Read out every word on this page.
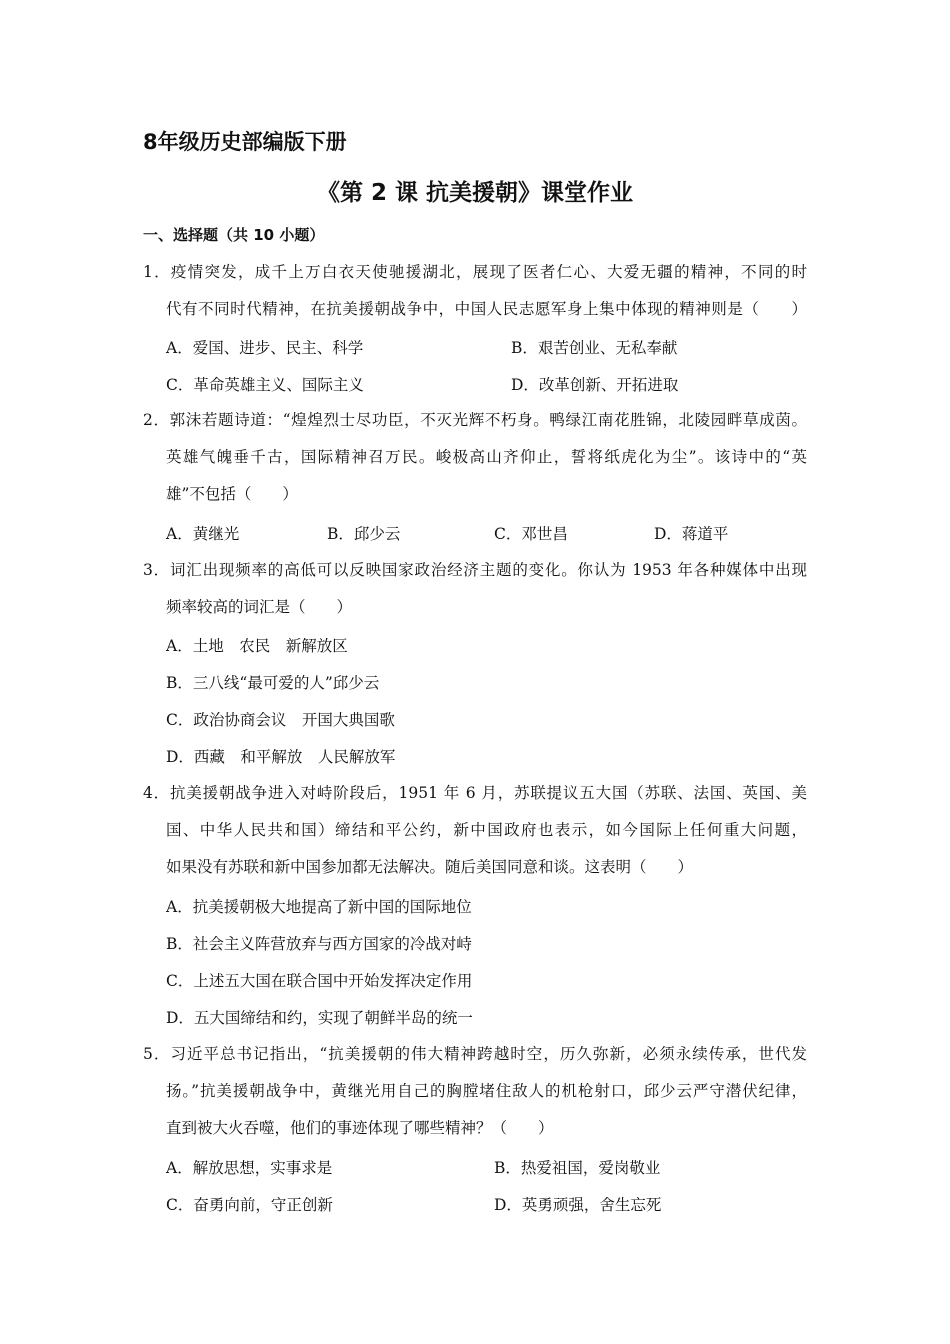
8年级历史部编版下册
《第 2 课 抗美援朝》课堂作业
一、选择题（共 10 小题）
1．疫情突发，成千上万白衣天使驰援湖北，展现了医者仁心、大爱无疆的精神，不同的时
代有不同时代精神，在抗美援朝战争中，中国人民志愿军身上集中体现的精神则是（　　）
A．爱国、进步、民主、科学	B．艰苦创业、无私奉献
C．革命英雄主义、国际主义	D．改革创新、开拓进取
2．郭沫若题诗道：“煌煌烈士尽功臣，不灭光辉不朽身。鸭绿江南花胜锦，北陵园畔草成茵。
英雄气魄垂千古，国际精神召万民。峻极高山齐仰止，誓将纸虎化为尘”。该诗中的“英
雄”不包括（　　）
A．黄继光	B．邱少云	C．邓世昌	D．蒋道平
3．词汇出现频率的高低可以反映国家政治经济主题的变化。你认为 1953 年各种媒体中出现
频率较高的词汇是（　　）
A．土地　农民　新解放区
B．三八线“最可爱的人”邱少云
C．政治协商会议　开国大典国歌
D．西藏　和平解放　人民解放军
4．抗美援朝战争进入对峙阶段后，1951 年 6 月，苏联提议五大国（苏联、法国、英国、美
国、中华人民共和国）缔结和平公约，新中国政府也表示，如今国际上任何重大问题，
如果没有苏联和新中国参加都无法解决。随后美国同意和谈。这表明（　　）
A．抗美援朝极大地提高了新中国的国际地位
B．社会主义阵营放弃与西方国家的冷战对峙
C．上述五大国在联合国中开始发挥决定作用
D．五大国缔结和约，实现了朝鲜半岛的统一
5．习近平总书记指出，“抗美援朝的伟大精神跨越时空，历久弥新，必须永续传承，世代发
扬。”抗美援朝战争中，黄继光用自己的胸膛堵住敌人的机枪射口，邱少云严守潜伏纪律，
直到被大火吞噬，他们的事迹体现了哪些精神？（　　）
A．解放思想，实事求是	B．热爱祖国，爱岗敬业
C．奋勇向前，守正创新	D．英勇顽强，舍生忘死
